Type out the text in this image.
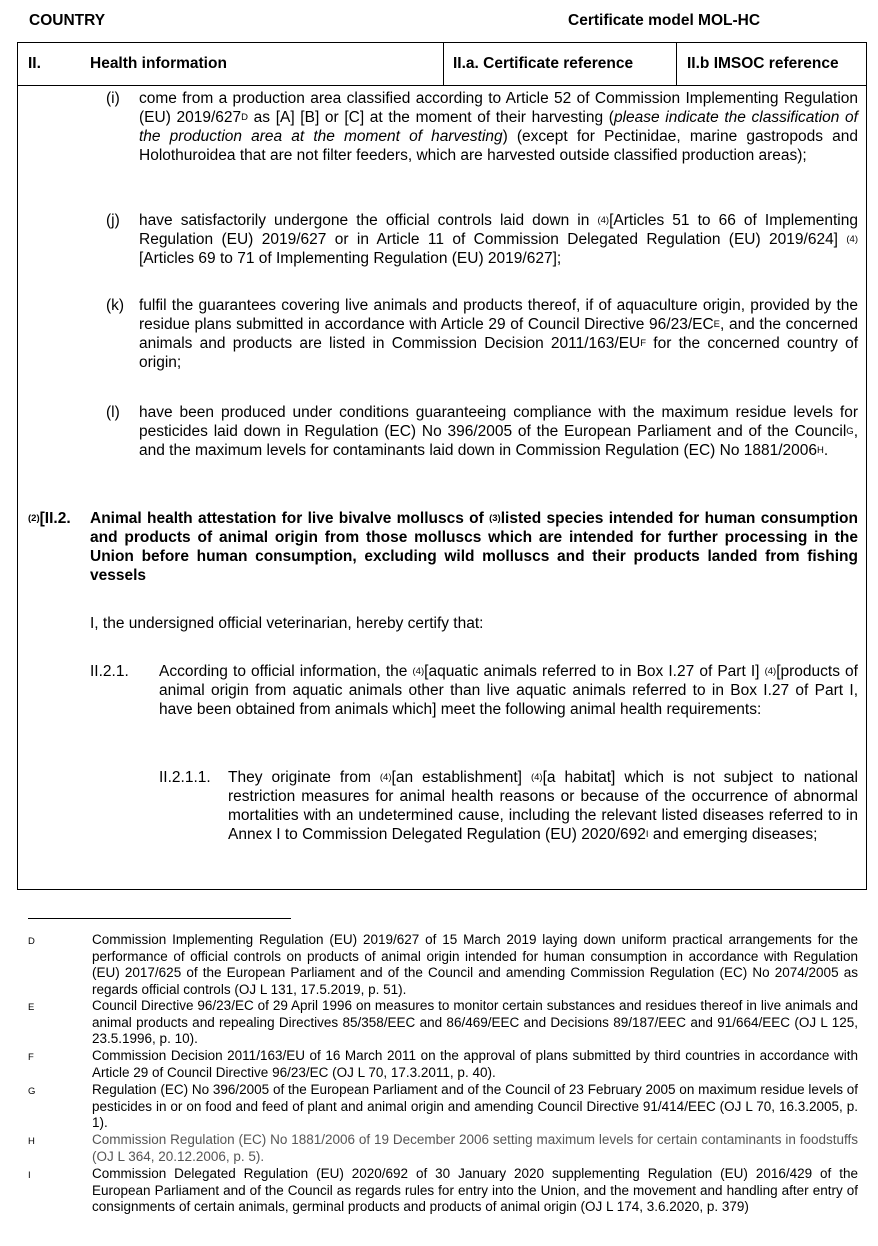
COUNTRY	Certificate model MOL-HC
II.	Health information	II.a. Certificate reference	II.b IMSOC reference
(i) come from a production area classified according to Article 52 of Commission Implementing Regulation (EU) $2019/627^D$ as [A] [B] or [C] at the moment of their harvesting (please indicate the classification of the production area at the moment of harvesting) (except for Pectinidae, marine gastropods and Holothuroidea that are not filter feeders, which are harvested outside classified production areas);
(j) have satisfactorily undergone the official controls laid down in $^{(4)}$[Articles 51 to 66 of Implementing Regulation (EU) 2019/627 or in Article 11 of Commission Delegated Regulation (EU) 2019/624] $^{(4)}$[Articles 69 to 71 of Implementing Regulation (EU) 2019/627];
(k) fulfil the guarantees covering live animals and products thereof, if of aquaculture origin, provided by the residue plans submitted in accordance with Article 29 of Council Directive $96/23/EC^E$, and the concerned animals and products are listed in Commission Decision $2011/163/EU^F$ for the concerned country of origin;
(l) have been produced under conditions guaranteeing compliance with the maximum residue levels for pesticides laid down in Regulation (EC) No 396/2005 of the European Parliament and of the Council$^G$, and the maximum levels for contaminants laid down in Commission Regulation (EC) No $1881/2006^H$.
$^{(2)}$[II.2. Animal health attestation for live bivalve molluscs of $^{(3)}$listed species intended for human consumption and products of animal origin from those molluscs which are intended for further processing in the Union before human consumption, excluding wild molluscs and their products landed from fishing vessels
I, the undersigned official veterinarian, hereby certify that:
II.2.1. According to official information, the $^{(4)}$[aquatic animals referred to in Box I.27 of Part I] $^{(4)}$[products of animal origin from aquatic animals other than live aquatic animals referred to in Box I.27 of Part I, have been obtained from animals which] meet the following animal health requirements:
II.2.1.1. They originate from $^{(4)}$[an establishment] $^{(4)}$[a habitat] which is not subject to national restriction measures for animal health reasons or because of the occurrence of abnormal mortalities with an undetermined cause, including the relevant listed diseases referred to in Annex I to Commission Delegated Regulation (EU) $2020/692^I$ and emerging diseases;
D	Commission Implementing Regulation (EU) 2019/627 of 15 March 2019 laying down uniform practical arrangements for the performance of official controls on products of animal origin intended for human consumption in accordance with Regulation (EU) 2017/625 of the European Parliament and of the Council and amending Commission Regulation (EC) No 2074/2005 as regards official controls (OJ L 131, 17.5.2019, p. 51).
E	Council Directive 96/23/EC of 29 April 1996 on measures to monitor certain substances and residues thereof in live animals and animal products and repealing Directives 85/358/EEC and 86/469/EEC and Decisions 89/187/EEC and 91/664/EEC (OJ L 125, 23.5.1996, p. 10).
F	Commission Decision 2011/163/EU of 16 March 2011 on the approval of plans submitted by third countries in accordance with Article 29 of Council Directive 96/23/EC (OJ L 70, 17.3.2011, p. 40).
G	Regulation (EC) No 396/2005 of the European Parliament and of the Council of 23 February 2005 on maximum residue levels of pesticides in or on food and feed of plant and animal origin and amending Council Directive 91/414/EEC (OJ L 70, 16.3.2005, p. 1).
H	Commission Regulation (EC) No 1881/2006 of 19 December 2006 setting maximum levels for certain contaminants in foodstuffs (OJ L 364, 20.12.2006, p. 5).
I	Commission Delegated Regulation (EU) 2020/692 of 30 January 2020 supplementing Regulation (EU) 2016/429 of the European Parliament and of the Council as regards rules for entry into the Union, and the movement and handling after entry of consignments of certain animals, germinal products and products of animal origin (OJ L 174, 3.6.2020, p. 379)
